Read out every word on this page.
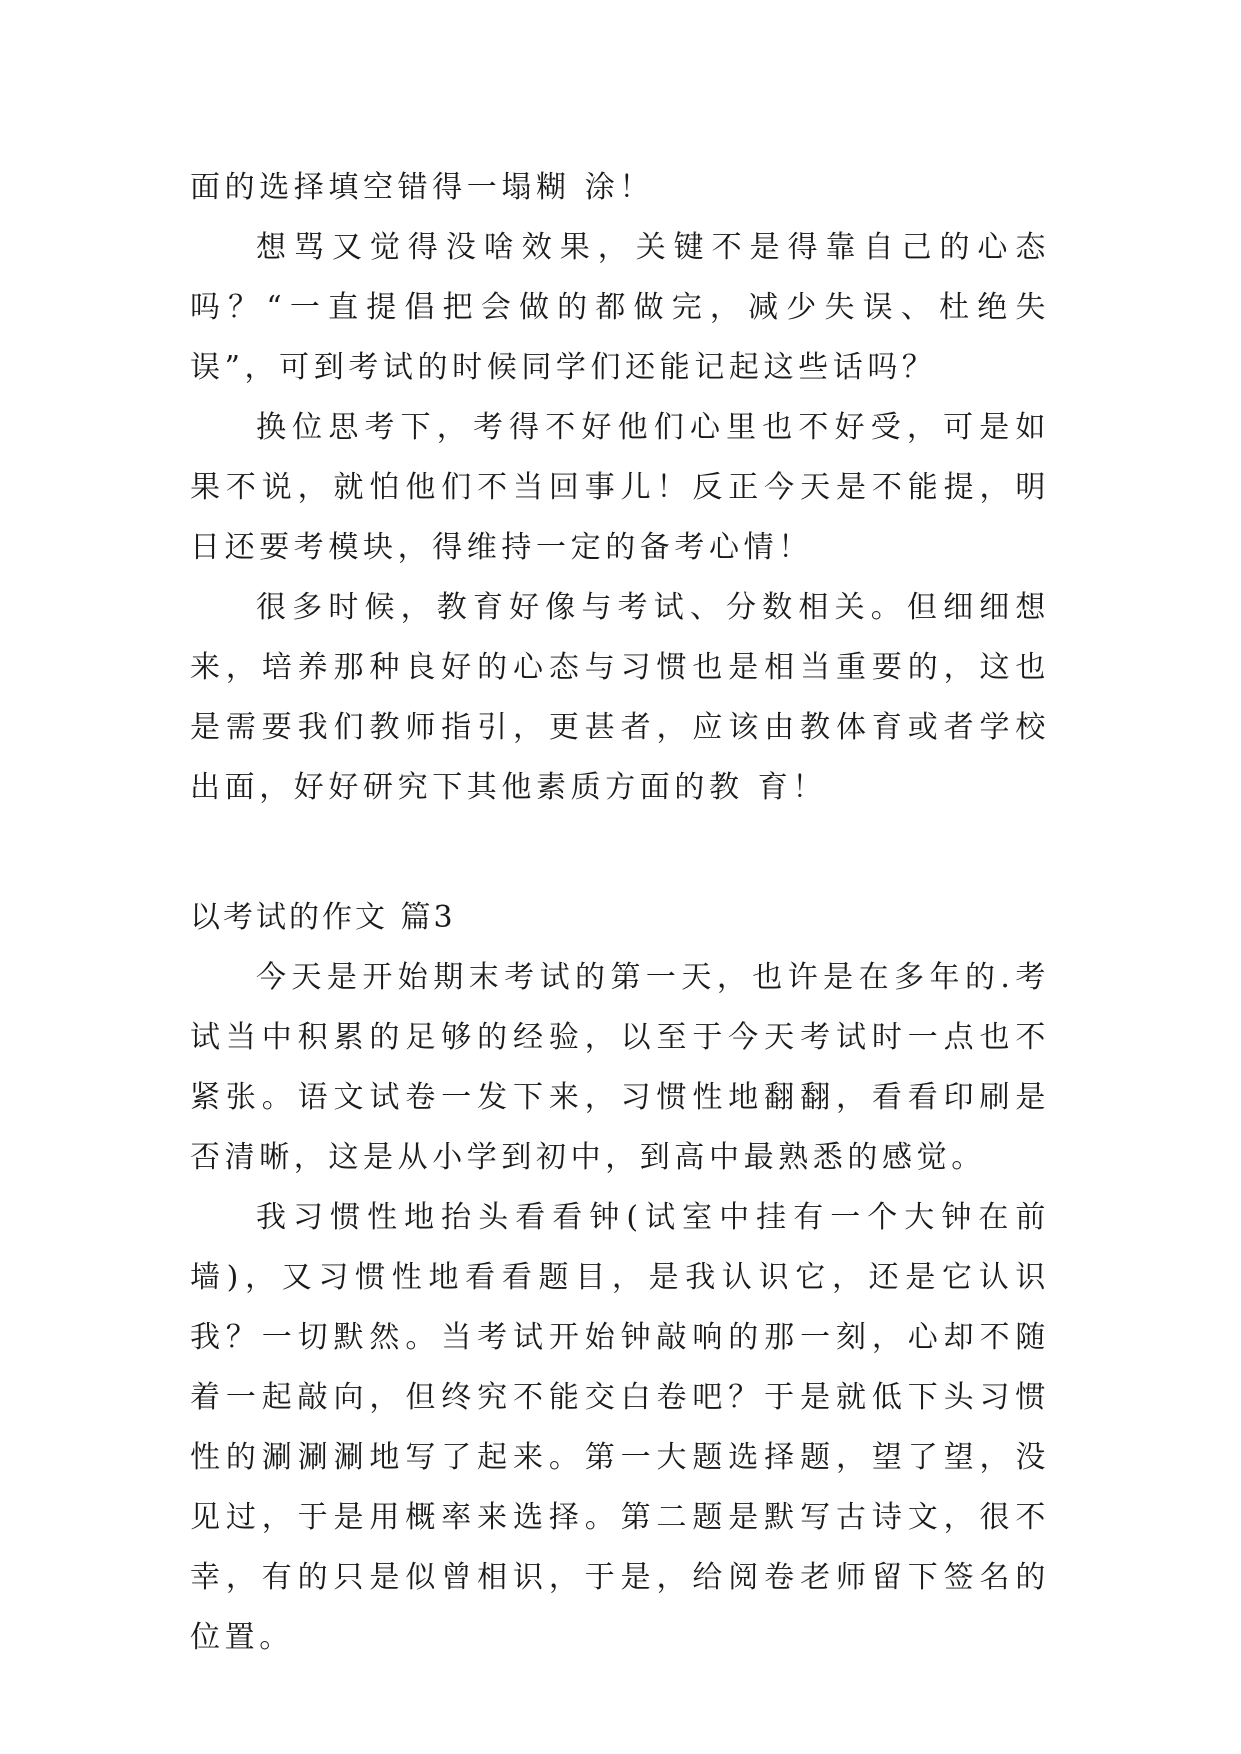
面的选择填空错得一塌糊 涂！

想骂又觉得没啥效果，关键不是得靠自己的心态吗？“一直提倡把会做的都做完，减少失误、杜绝失误”，可到考试的时候同学们还能记起这些话吗？

换位思考下，考得不好他们心里也不好受，可是如果不说，就怕他们不当回事儿！反正今天是不能提，明日还要考模块，得维持一定的备考心情！

很多时候，教育好像与考试、分数相关。但细细想来，培养那种良好的心态与习惯也是相当重要的，这也是需要我们教师指引，更甚者，应该由教体育或者学校出面，好好研究下其他素质方面的教 育！

以考试的作文 篇3

今天是开始期末考试的第一天，也许是在多年的.考试当中积累的足够的经验，以至于今天考试时一点也不紧张。语文试卷一发下来，习惯性地翻翻，看看印刷是否清晰，这是从小学到初中，到高中最熟悉的感觉。

我习惯性地抬头看看钟(试室中挂有一个大钟在前墙)，又习惯性地看看题目，是我认识它，还是它认识我？一切默然。当考试开始钟敲响的那一刻，心却不随着一起敲向，但终究不能交白卷吧？于是就低下头习惯性的涮涮涮地写了起来。第一大题选择题，望了望，没见过，于是用概率来选择。第二题是默写古诗文，很不幸，有的只是似曾相识，于是，给阅卷老师留下签名的位置。
